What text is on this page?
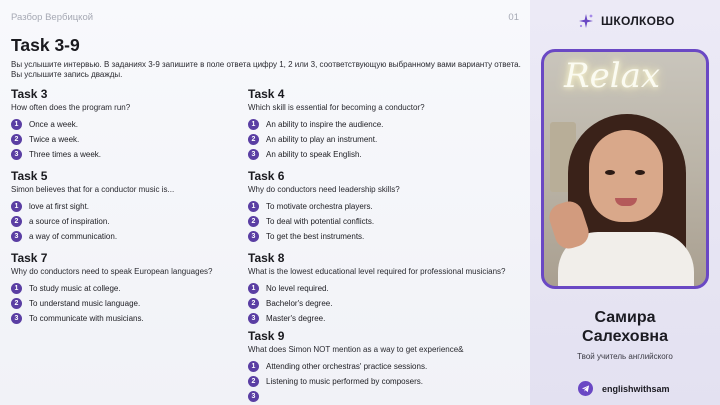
Разбор Вербицкой	01
Task 3-9
Вы услышите интервью. В заданиях 3-9 запишите в поле ответа цифру 1, 2 или 3, соответствующую выбранному вами варианту ответа. Вы услышите запись дважды.
Task 3
How often does the program run?
1	Once a week.
2	Twice a week.
3	Three times a week.
Task 5
Simon believes that for a conductor music is...
1	love at first sight.
2	a source of inspiration.
3	a way of communication.
Task 7
Why do conductors need to speak European languages?
1	To study music at college.
2	To understand music language.
3	To communicate with musicians.
Task 4
Which skill is essential for becoming a conductor?
1	An ability to inspire the audience.
2	An ability to play an instrument.
3	An ability to speak English.
Task 6
Why do conductors need leadership skills?
1	To motivate orchestra players.
2	To deal with potential conflicts.
3	To get the best instruments.
Task 8
What is the lowest educational level required for professional musicians?
1	No level required.
2	Bachelor's degree.
3	Master's degree.
Task 9
What does Simon NOT mention as a way to get experience&
1	Attending other orchestras' practice sessions.
2	Listening to music performed by composers.
3
ШКОЛКОВО
Relax
Самира
Салеховна
Твой учитель английского
englishwithsam
